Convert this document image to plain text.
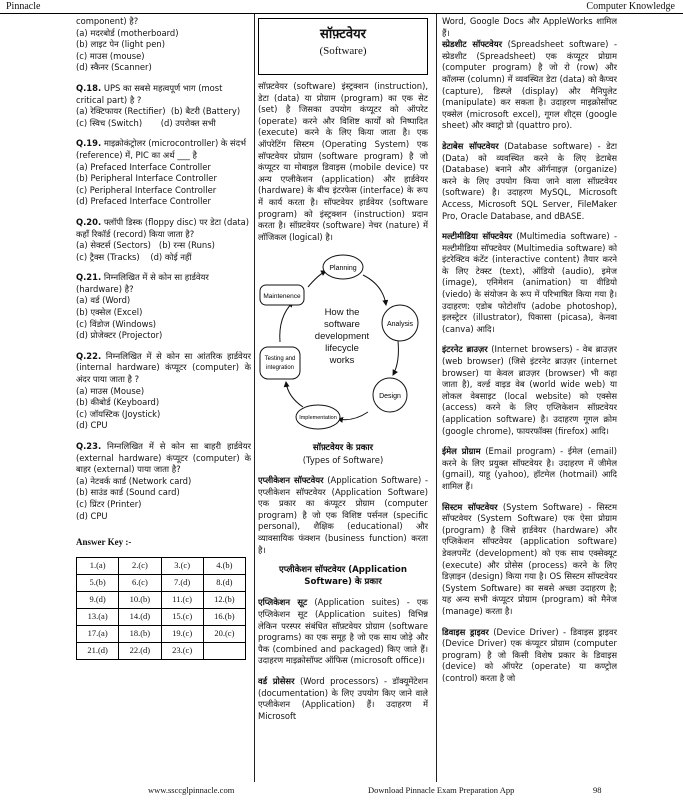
Pinnacle	Computer Knowledge

component) है?

(a) मदरबोर्ड (motherboard)

(b) लाइट पेन (light pen)

(c) माउस (mouse)

(d) स्कैनर (Scanner)

Q.18. UPS का सबसे महत्वपूर्ण भाग (most critical part) है ?

(a) रेक्टिफायर (Rectifier) (b) बैटरी (Battery)

(c) स्विच (Switch) (d) उपरोक्त सभी

Q.19. माइक्रोकंट्रोलर (microcontroller) के संदर्भ (reference) में, PIC का अर्थ ___ है

(a) Prefaced Interface Controller

(b) Peripheral Interface Controller

(c) Peripheral Interface Controller

(d) Prefaced Interface Controller

Q.20. फ्लॉपी डिस्क (floppy disc) पर डेटा (data) कहाँ रिकॉर्ड (record) किया जाता है?

(a) सेक्टर्स (Sectors) (b) रन्स (Runs)

(c) ट्रैक्स (Tracks) (d) कोई नहीं

Q.21. निम्नलिखित में से कोन सा हार्डवेयर (hardware) है?

(a) वर्ड (Word)

(b) एक्सेल (Excel)

(c) विंडोज (Windows)

(d) प्रोजेक्टर (Projector)

Q.22. निम्नलिखित में से कोन सा आंतरिक हार्डवेयर (internal hardware) कंप्यूटर (computer) के अंदर पाया जाता है ?

(a) माउस (Mouse)

(b) कीबोर्ड (Keyboard)

(c) जॉयस्टिक (Joystick)

(d) CPU

Q.23. निम्नलिखित में से कोन सा बाहरी हार्डवेयर (external hardware) कंप्यूटर (computer) के बाहर (external) पाया जाता है?

(a) नेटवर्क कार्ड (Network card)

(b) साउंड कार्ड (Sound card)

(c) प्रिंटर (Printer)

(d) CPU

Answer Key :-

1.(a)	2.(c)	3.(c)	4.(b)
5.(b)	6.(c)	7.(d)	8.(d)
9.(d)	10.(b)	11.(c)	12.(b)
13.(a)	14.(d)	15.(c)	16.(b)
17.(a)	18.(b)	19.(c)	20.(c)
21.(d)	22.(d)	23.(c)	
सॉफ़्टवेयर
(Software)

सॉफ़्टवेयर (software) इंस्ट्रक्शन (instruction), डेटा (data) या प्रोग्राम (program) का एक सेट (set) है जिसका उपयोग कंप्यूटर को ऑपरेट (operate) करने और विशिष्ट कार्यों को निष्पादित (execute) करने के लिए किया जाता है। एक ऑपरेटिंग सिस्टम (Operating System) एक सॉफ्टवेयर प्रोग्राम (software program) है जो कंप्यूटर या मोबाइल डिवाइस (mobile device) पर अन्य एप्लीकेशन (application) और हार्डवेयर (hardware) के बीच इंटरफेस (interface) के रूप में कार्य करता है। सॉफ्टवेयर हार्डवेयर (software program) को इंस्ट्रक्शन (instruction) प्रदान करता है। सॉफ़्टवेयर (software) नेचर (nature) में लॉजिकल (logical) है।

Planning
Analysis
Design
Implementation
Testing and
integration
Maintenence
How the
software
development
lifecycle
works

सॉफ़्टवेयर के प्रकार

(Types of Software)

एप्लीकेशन सॉफ्टवेयर (Application Software) - एप्लीकेशन सॉफ्टवेयर (Application Software) एक प्रकार का कंप्यूटर प्रोग्राम (computer program) है जो एक विशिष्ट पर्सनल (specific personal), शैक्षिक (educational) और व्यावसायिक फंक्शन (business function) करता है।

एप्लीकेशन सॉफ्टवेयर (Application Software) के प्रकार

एप्लिकेशन सूट (Application suites) - एक एप्लिकेशन सूट (Application suites) विभिन्न लेकिन परस्पर संबंधित सॉफ़्टवेयर प्रोग्राम (software programs) का एक समूह है जो एक साथ जोड़े और पैक (combined and packaged) किए जाते हैं। उदाहरण माइक्रोसॉफ्ट ऑफिस (microsoft office)।

वर्ड प्रोसेसर (Word processors) - डॉक्यूमेंटेशन (documentation) के लिए उपयोग किए जाने वाले एप्लीकेशन (Application) हैं। उदाहरण में Microsoft

Word, Google Docs और AppleWorks शामिल हैं।

स्प्रेडशीट सॉफ्टवेयर (Spreadsheet software) - स्प्रेडशीट (Spreadsheet) एक कंप्यूटर प्रोग्राम (computer program) है जो रो (row) और कॉलम्स (column) में व्यवस्थित डेटा (data) को कैप्चर (capture), डिस्प्ले (display) और मैनिपुलेट (manipulate) कर सकता है। उदाहरण माइक्रोसॉफ्ट एक्सेल (microsoft excel), गूगल शीट्स (google sheet) और क्वाट्रो प्रो (quattro pro).

डेटाबेस सॉफ्टवेयर (Database software) - डेटा (Data) को व्यवस्थित करने के लिए डेटाबेस (Database) बनाने और ऑर्गनाइज़ (organize) करने के लिए उपयोग किया जाने वाला सॉफ़्टवेयर (software) है। उदाहरण MySQL, Microsoft Access, Microsoft SQL Server, FileMaker Pro, Oracle Database, and dBASE.

मल्टीमीडिया सॉफ्टवेयर (Multimedia software) - मल्टीमीडिया सॉफ्टवेयर (Multimedia software) को इंटरेक्टिव कंटेंट (interactive content) तैयार करने के लिए टेक्स्ट (text), ऑडियो (audio), इमेज (image), एनिमेशन (animation) या वीडियो (viedo) के संयोजन के रूप में परिभाषित किया गया है। उदाहरण: एडोब फोटोशॉप (adobe photoshop), इलस्ट्रेटर (illustrator), पिकासा (picasa), केनवा (canva) आदि।

इंटरनेट ब्राउज़र (Internet browsers) - वेब ब्राउज़र (web browser) (जिसे इंटरनेट ब्राउज़र (internet browser) या केवल ब्राउज़र (browser) भी कहा जाता है), वर्ल्ड वाइड वेब (world wide web) या लोकल वेबसाइट (local website) को एक्सेस (access) करने के लिए एप्लिकेशन सॉफ़्टवेयर (application software) है। उदाहरण गूगल क्रोम (google chrome), फायरफॉक्स (firefox) आदि।

ईमेल प्रोग्राम (Email program) - ईमेल (email) करने के लिए प्रयुक्त सॉफ्टवेयर है। उदाहरण में जीमेल (gmail), याहू (yahoo), हॉटमेल (hotmail) आदि शामिल हैं।

सिस्टम सॉफ्टवेयर (System Software) - सिस्टम सॉफ्टवेयर (System Software) एक ऐसा प्रोग्राम (program) है जिसे हार्डवेयर (hardware) और एप्लिकेशन सॉफ्टवेयर (application software) डेवलपमेंट (development) को एक साथ एक्सेक्यूट (execute) और प्रोसेस (process) करने के लिए डिज़ाइन (design) किया गया है। OS सिस्टम सॉफ्टवेयर (System Software) का सबसे अच्छा उदाहरण है; यह अन्य सभी कंप्यूटर प्रोग्राम (program) को मैनेज (manage) करता है।

डिवाइस ड्राइवर (Device Driver) - डिवाइस ड्राइवर (Device Driver) एक कंप्यूटर प्रोग्राम (computer program) है जो किसी विशेष प्रकार के डिवाइस (device) को ऑपरेट (operate) या कण्ट्रोल (control) करता है जो

www.ssccglpinnacle.com	Download Pinnacle Exam Preparation App	98
